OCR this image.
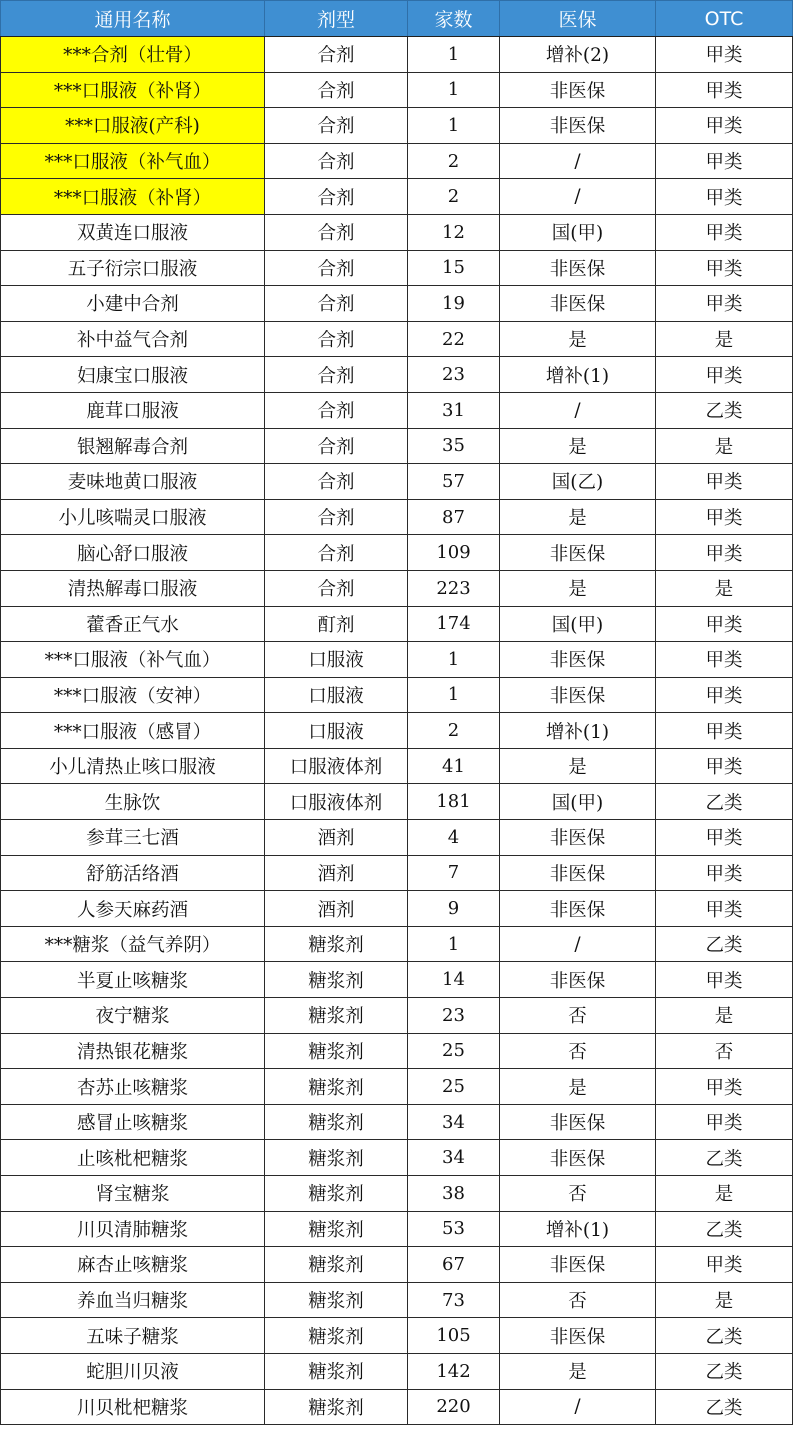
通用名称	剂型	家数	医保	OTC
***合剂（壮骨）	合剂	1	增补(2)	甲类
***口服液（补肾）	合剂	1	非医保	甲类
***口服液(产科)	合剂	1	非医保	甲类
***口服液（补气血）	合剂	2	/	甲类
***口服液（补肾）	合剂	2	/	甲类
双黄连口服液	合剂	12	国(甲)	甲类
五子衍宗口服液	合剂	15	非医保	甲类
小建中合剂	合剂	19	非医保	甲类
补中益气合剂	合剂	22	是	是
妇康宝口服液	合剂	23	增补(1)	甲类
鹿茸口服液	合剂	31	/	乙类
银翘解毒合剂	合剂	35	是	是
麦味地黄口服液	合剂	57	国(乙)	甲类
小儿咳喘灵口服液	合剂	87	是	甲类
脑心舒口服液	合剂	109	非医保	甲类
清热解毒口服液	合剂	223	是	是
藿香正气水	酊剂	174	国(甲)	甲类
***口服液（补气血）	口服液	1	非医保	甲类
***口服液（安神）	口服液	1	非医保	甲类
***口服液（感冒）	口服液	2	增补(1)	甲类
小儿清热止咳口服液	口服液体剂	41	是	甲类
生脉饮	口服液体剂	181	国(甲)	乙类
参茸三七酒	酒剂	4	非医保	甲类
舒筋活络酒	酒剂	7	非医保	甲类
人参天麻药酒	酒剂	9	非医保	甲类
***糖浆（益气养阴）	糖浆剂	1	/	乙类
半夏止咳糖浆	糖浆剂	14	非医保	甲类
夜宁糖浆	糖浆剂	23	否	是
清热银花糖浆	糖浆剂	25	否	否
杏苏止咳糖浆	糖浆剂	25	是	甲类
感冒止咳糖浆	糖浆剂	34	非医保	甲类
止咳枇杷糖浆	糖浆剂	34	非医保	乙类
肾宝糖浆	糖浆剂	38	否	是
川贝清肺糖浆	糖浆剂	53	增补(1)	乙类
麻杏止咳糖浆	糖浆剂	67	非医保	甲类
养血当归糖浆	糖浆剂	73	否	是
五味子糖浆	糖浆剂	105	非医保	乙类
蛇胆川贝液	糖浆剂	142	是	乙类
川贝枇杷糖浆	糖浆剂	220	/	乙类
